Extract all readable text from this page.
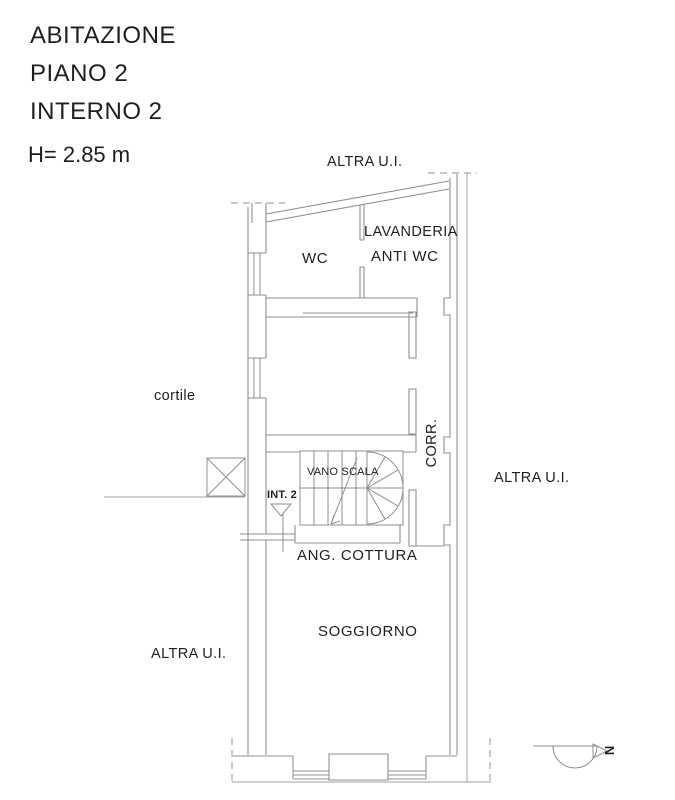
ABITAZIONE
PIANO 2
INTERNO 2
H= 2.85 m	ALTRA U.I.
ALTRA U.I.
ALTRA U.I.
cortile
INT. 2
WC	ANTI WC
LAVANDERIA
VANO SCALA
ANG. COTTURA
SOGGIORNO
CORR.
N
